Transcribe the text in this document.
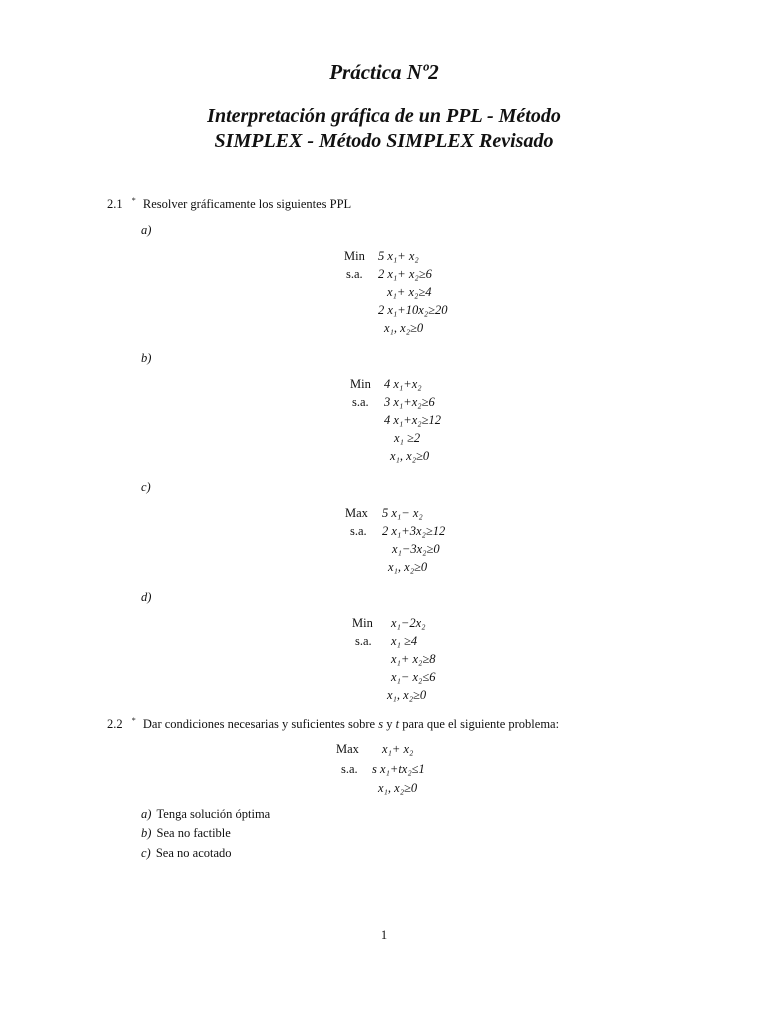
Práctica Nº2
Interpretación gráfica de un PPL - Método
SIMPLEX - Método SIMPLEX Revisado
2.1 * Resolver gráficamente los siguientes PPL
a)
Min 5 x₁+ x₂
s.a. 2 x₁+ x₂≥6
x₁+ x₂≥4
2 x₁+10x₂≥20
x₁, x₂≥0
b)
Min 4 x₁+x₂
s.a. 3 x₁+x₂≥6
4 x₁+x₂≥12
x₁ ≥2
x₁, x₂≥0
c)
Max 5 x₁− x₂
s.a. 2 x₁+3x₂≥12
x₁−3x₂≥0
x₁, x₂≥0
d)
Min x₁−2x₂
s.a. x₁ ≥4
x₁+ x₂≥8
x₁− x₂≤6
x₁, x₂≥0
2.2 * Dar condiciones necesarias y suficientes sobre s y t para que el siguiente problema:
Max x₁+ x₂
s.a. s x₁+tx₂≤1
x₁, x₂≥0
a) Tenga solución óptima
b) Sea no factible
c) Sea no acotado
1
